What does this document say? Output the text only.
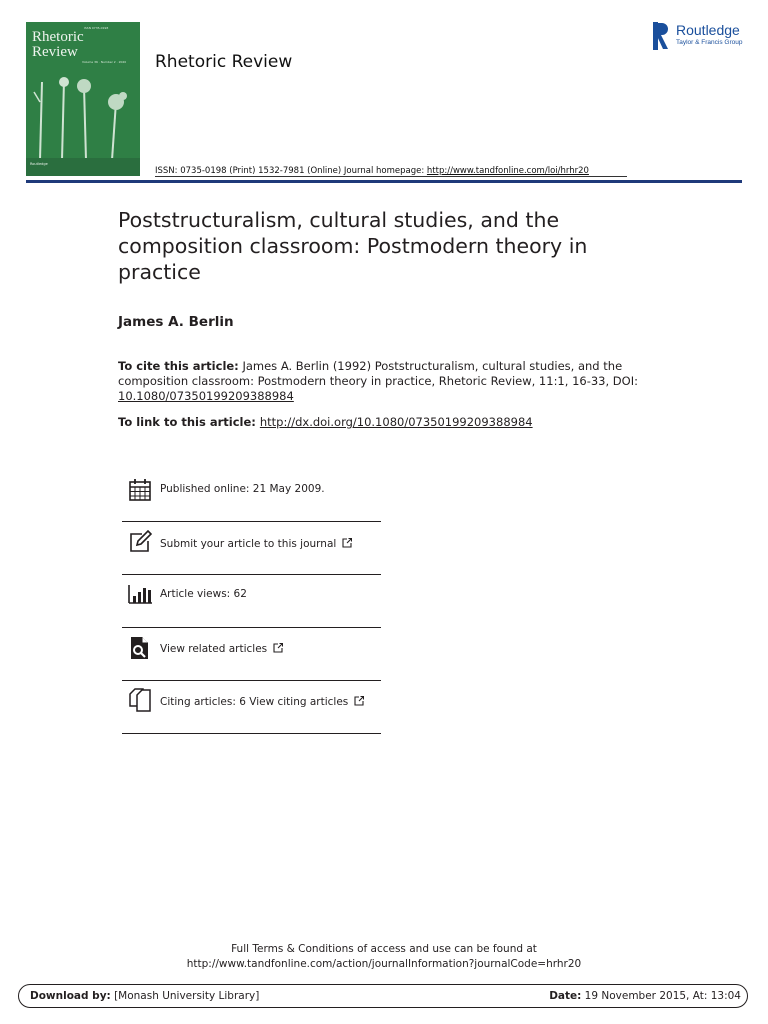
ISSN 0735-0198
Rhetoric
Review
Volume 36 · Number 2 · 2020
Routledge
Rhetoric Review
Routledge
Taylor & Francis Group
ISSN: 0735-0198 (Print) 1532-7981 (Online) Journal homepage: http://www.tandfonline.com/loi/hrhr20
Poststructuralism, cultural studies, and the composition classroom: Postmodern theory in practice
James A. Berlin
To cite this article: James A. Berlin (1992) Poststructuralism, cultural studies, and the composition classroom: Postmodern theory in practice, Rhetoric Review, 11:1, 16-33, DOI: 10.1080/07350199209388984
To link to this article: http://dx.doi.org/10.1080/07350199209388984
Published online: 21 May 2009.
Submit your article to this journal
Article views: 62
View related articles
Citing articles: 6 View citing articles
Full Terms & Conditions of access and use can be found at
http://www.tandfonline.com/action/journalInformation?journalCode=hrhr20
Download by: [Monash University Library]	Date: 19 November 2015, At: 13:04
